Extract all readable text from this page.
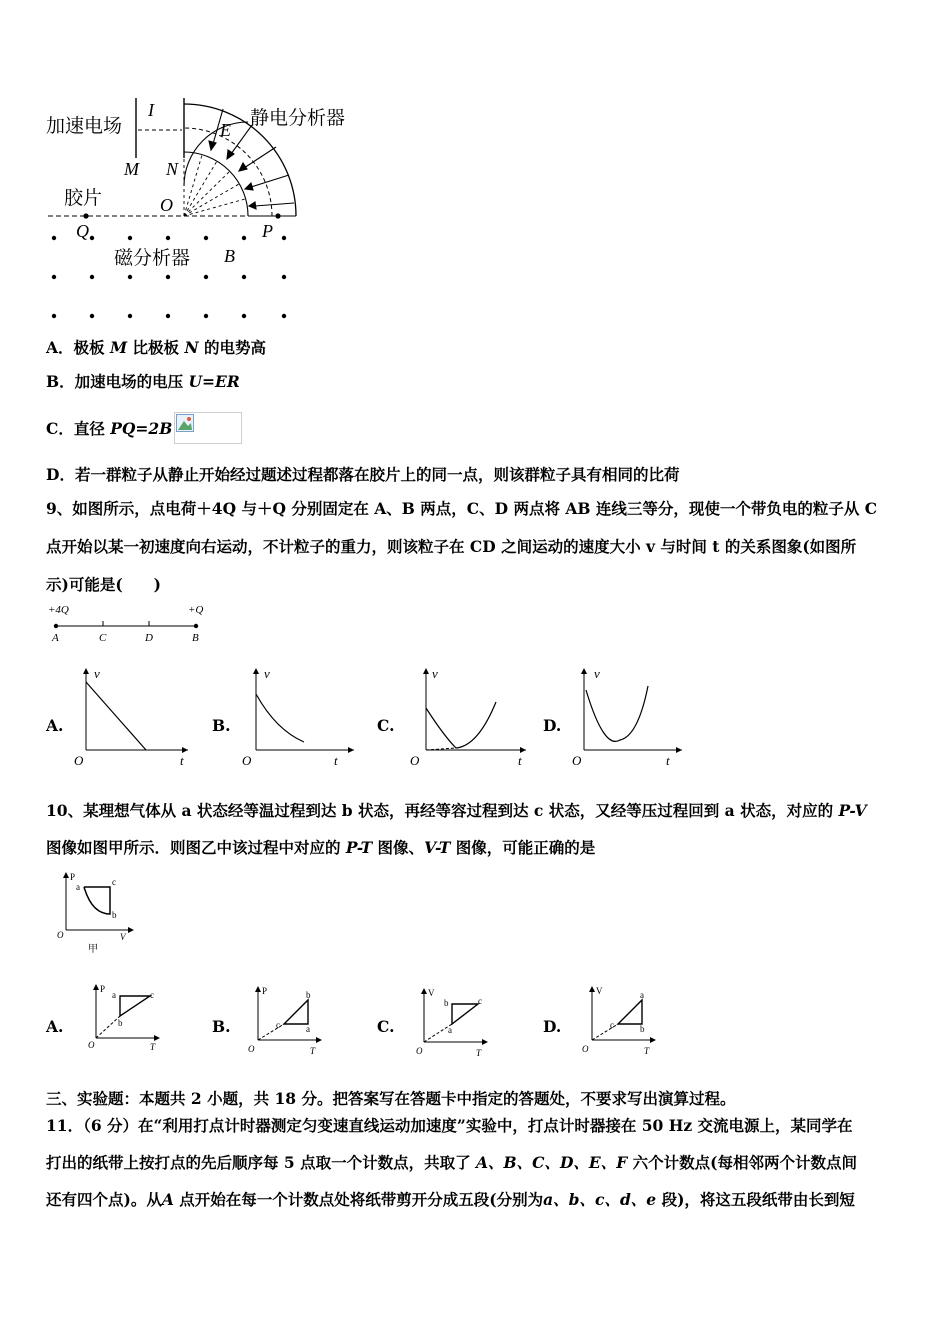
加速电场
I
E
静电分析器
M N
胶片	O
Q	P
磁分析器 B
A．极板 M 比极板 N 的电势高
B．加速电场的电压 U=ER
C．直径 PQ=2B
D．若一群粒子从静止开始经过题述过程都落在胶片上的同一点，则该群粒子具有相同的比荷
9、如图所示，点电荷＋4Q 与＋Q 分别固定在 A、B 两点，C、D 两点将 AB 连线三等分，现使一个带负电的粒子从 C
点开始以某一初速度向右运动，不计粒子的重力，则该粒子在 CD 之间运动的速度大小 v 与时间 t 的关系图象(如图所
示)可能是(　　)
+4Q	+Q
A	C	D	B
A.
v
t
O
B.
v
t
O
C.
v
t
O
D.
v
t
O
10、某理想气体从 a 状态经等温过程到达 b 状态，再经等容过程到达 c 状态，又经等压过程回到 a 状态，对应的 P-V
图像如图甲所示．则图乙中该过程中对应的 P-T 图像、V-T 图像，可能正确的是
P
a	c
b
O	V
甲
A.
P
a	c
b
O	T
B.
P	b
c	a
O	T
C.
V
b	c
a
O	T
D.
V	a
c	b
O	T
三、实验题：本题共 2 小题，共 18 分。把答案写在答题卡中指定的答题处，不要求写出演算过程。
11．（6 分）在“利用打点计时器测定匀变速直线运动加速度”实验中，打点计时器接在 50 Hz 交流电源上，某同学在
打出的纸带上按打点的先后顺序每 5 点取一个计数点，共取了 A、B、C、D、E、F 六个计数点(每相邻两个计数点间
还有四个点)。从A 点开始在每一个计数点处将纸带剪开分成五段(分别为a、b、c、d、e 段)，将这五段纸带由长到短
